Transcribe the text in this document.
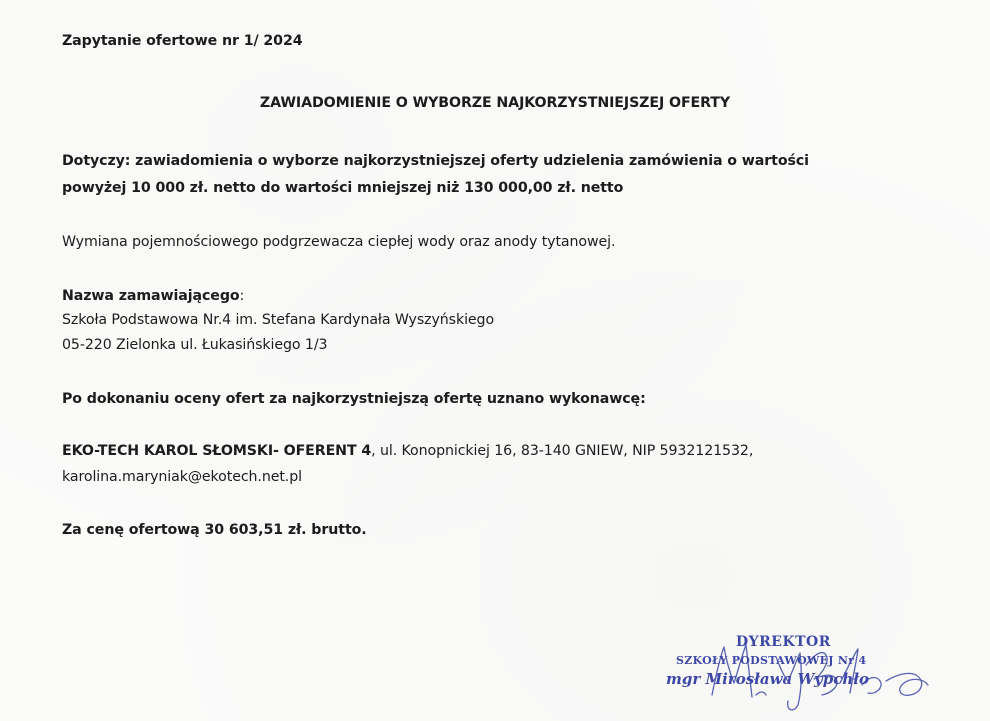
Zapytanie ofertowe nr 1/ 2024
ZAWIADOMIENIE O WYBORZE NAJKORZYSTNIEJSZEJ OFERTY
Dotyczy: zawiadomienia o wyborze najkorzystniejszej oferty udzielenia zamówienia o wartości
powyżej 10 000 zł. netto do wartości mniejszej niż 130 000,00 zł. netto
Wymiana pojemnościowego podgrzewacza ciepłej wody oraz anody tytanowej.
Nazwa zamawiającego:
Szkoła Podstawowa Nr.4 im. Stefana Kardynała Wyszyńskiego
05-220 Zielonka ul. Łukasińskiego 1/3
Po dokonaniu oceny ofert za najkorzystniejszą ofertę uznano wykonawcę:
EKO-TECH KAROL SŁOMSKI- OFERENT 4, ul. Konopnickiej 16, 83-140 GNIEW, NIP 5932121532,
karolina.maryniak@ekotech.net.pl
Za cenę ofertową 30 603,51 zł. brutto.
DYREKTOR
SZKOŁY PODSTAWOWEJ Nr 4
mgr Mirosława Wypchło
